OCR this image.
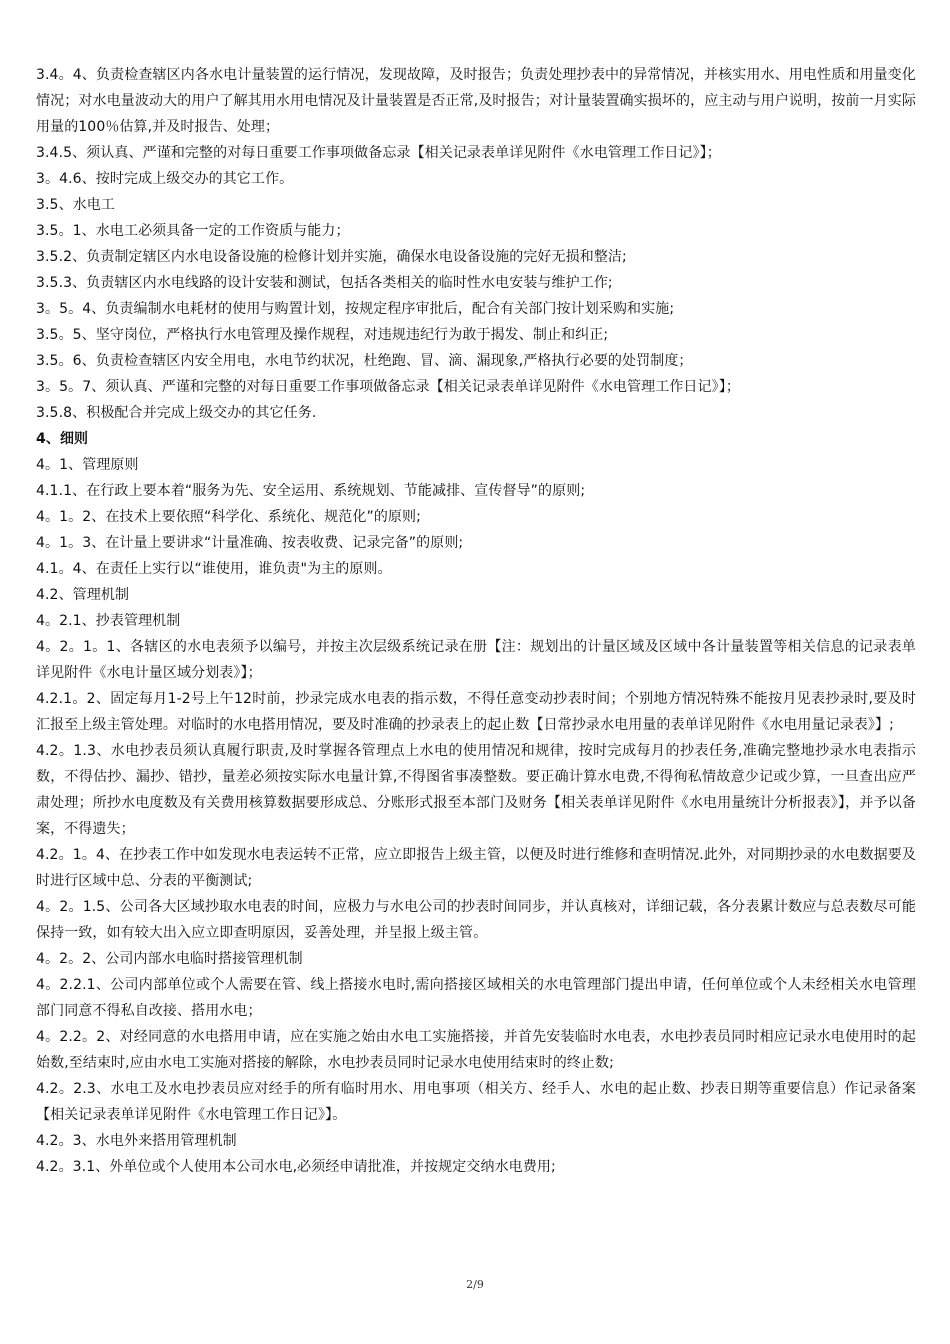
3.4。4、负责检查辖区内各水电计量装置的运行情况，发现故障，及时报告；负责处理抄表中的异常情况，并核实用水、用电性质和用量变化情况；对水电量波动大的用户了解其用水用电情况及计量装置是否正常,及时报告；对计量装置确实损坏的，应主动与用户说明，按前一月实际用量的100％估算,并及时报告、处理；

3.4.5、须认真、严谨和完整的对每日重要工作事项做备忘录【相关记录表单详见附件《水电管理工作日记》】；

3。4.6、按时完成上级交办的其它工作。

3.5、水电工

3.5。1、水电工必须具备一定的工作资质与能力；

3.5.2、负责制定辖区内水电设备设施的检修计划并实施，确保水电设备设施的完好无损和整洁;

3.5.3、负责辖区内水电线路的设计安装和测试，包括各类相关的临时性水电安装与维护工作;

3。5。4、负责编制水电耗材的使用与购置计划，按规定程序审批后，配合有关部门按计划采购和实施;

3.5。5、坚守岗位，严格执行水电管理及操作规程，对违规违纪行为敢于揭发、制止和纠正;

3.5。6、负责检查辖区内安全用电，水电节约状况，杜绝跑、冒、滴、漏现象,严格执行必要的处罚制度；

3。5。7、须认真、严谨和完整的对每日重要工作事项做备忘录【相关记录表单详见附件《水电管理工作日记》】；

3.5.8、积极配合并完成上级交办的其它任务.

4、细则

4。1、管理原则

4.1.1、在行政上要本着“服务为先、安全运用、系统规划、节能减排、宣传督导”的原则;

4。1。2、在技术上要依照“科学化、系统化、规范化”的原则;

4。1。3、在计量上要讲求“计量准确、按表收费、记录完备”的原则;

4.1。4、在责任上实行以“谁使用，谁负责"为主的原则。

4.2、管理机制

4。2.1、抄表管理机制

4。2。1。1、各辖区的水电表须予以编号，并按主次层级系统记录在册【注：规划出的计量区域及区域中各计量装置等相关信息的记录表单详见附件《水电计量区域分划表》】；

4.2.1。2、固定每月1-2号上午12时前，抄录完成水电表的指示数，不得任意变动抄表时间；个别地方情况特殊不能按月见表抄录时,要及时汇报至上级主管处理。对临时的水电搭用情况，要及时准确的抄录表上的起止数【日常抄录水电用量的表单详见附件《水电用量记录表》】;

4.2。1.3、水电抄表员须认真履行职责,及时掌握各管理点上水电的使用情况和规律，按时完成每月的抄表任务,准确完整地抄录水电表指示数，不得估抄、漏抄、错抄，量差必须按实际水电量计算,不得图省事凑整数。要正确计算水电费,不得徇私情故意少记或少算，一旦查出应严肃处理；所抄水电度数及有关费用核算数据要形成总、分账形式报至本部门及财务【相关表单详见附件《水电用量统计分析报表》】，并予以备案，不得遗失；

4.2。1。4、在抄表工作中如发现水电表运转不正常，应立即报告上级主管，以便及时进行维修和查明情况.此外，对同期抄录的水电数据要及时进行区域中总、分表的平衡测试;

4。2。1.5、公司各大区域抄取水电表的时间，应极力与水电公司的抄表时间同步，并认真核对，详细记载，各分表累计数应与总表数尽可能保持一致，如有较大出入应立即查明原因，妥善处理，并呈报上级主管。

4。2。2、公司内部水电临时搭接管理机制

4。2.2.1、公司内部单位或个人需要在管、线上搭接水电时,需向搭接区域相关的水电管理部门提出申请，任何单位或个人未经相关水电管理部门同意不得私自改接、搭用水电；

4。2.2。2、对经同意的水电搭用申请，应在实施之始由水电工实施搭接，并首先安装临时水电表，水电抄表员同时相应记录水电使用时的起始数,至结束时,应由水电工实施对搭接的解除，水电抄表员同时记录水电使用结束时的终止数;

4.2。2.3、水电工及水电抄表员应对经手的所有临时用水、用电事项（相关方、经手人、水电的起止数、抄表日期等重要信息）作记录备案【相关记录表单详见附件《水电管理工作日记》】。

4.2。3、水电外来搭用管理机制

4.2。3.1、外单位或个人使用本公司水电,必须经申请批准，并按规定交纳水电费用;

2/9
